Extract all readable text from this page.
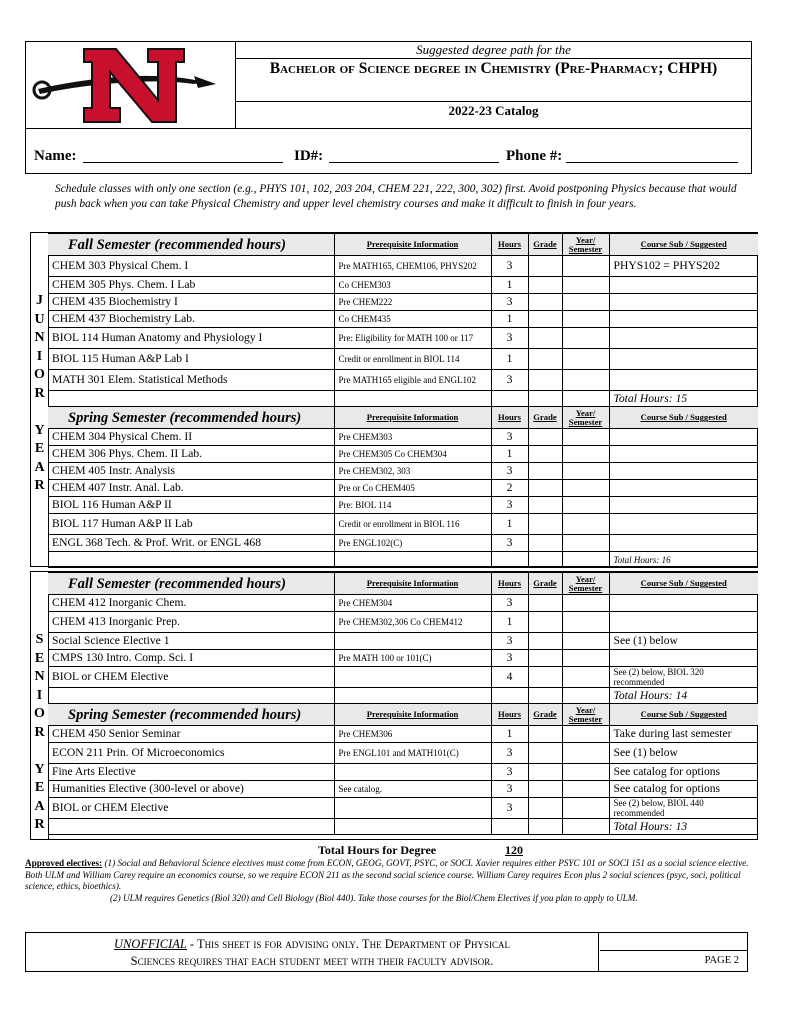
Suggested degree path for the
Bachelor of Science degree in Chemistry (Pre-Pharmacy; CHPH)
2022-23 Catalog
Name:	ID#:	Phone #:
Schedule classes with only one section (e.g., PHYS 101, 102, 203 204, CHEM 221, 222, 300, 302) first. Avoid postponing Physics because that would push back when you can take Physical Chemistry and upper level chemistry courses and make it difficult to finish in four years.
J
U
N
I
O
R
Y
E
A
R
Fall Semester (recommended hours)	Prerequisite Information	Hours	Grade	Year/ Semester	Course Sub / Suggested
CHEM 303 Physical Chem. I	Pre MATH165, CHEM106, PHYS202	3			PHYS102 = PHYS202
CHEM 305 Phys. Chem. I Lab	Co CHEM303	1			
CHEM 435 Biochemistry I	Pre CHEM222	3			
CHEM 437 Biochemistry Lab.	Co CHEM435	1			
BIOL 114 Human Anatomy and Physiology I	Pre: Eligibility for MATH 100 or 117	3			
BIOL 115 Human A&P Lab I	Credit or enrollment in BIOL 114	1			
MATH 301 Elem. Statistical Methods	Pre MATH165 eligible and ENGL102	3			
					Total Hours: 15
Spring Semester (recommended hours)	Prerequisite Information	Hours	Grade	Year/ Semester	Course Sub / Suggested
CHEM 304 Physical Chem. II	Pre CHEM303	3			
CHEM 306 Phys. Chem. II Lab.	Pre CHEM305 Co CHEM304	1			
CHEM 405 Instr. Analysis	Pre CHEM302, 303	3			
CHEM 407 Instr. Anal. Lab.	Pre or Co CHEM405	2			
BIOL 116 Human A&P II	Pre: BIOL 114	3			
BIOL 117 Human A&P II Lab	Credit or enrollment in BIOL 116	1			
ENGL 368 Tech. & Prof. Writ. or ENGL 468	Pre ENGL102(C)	3			
					Total Hours: 16
S
E
N
I
O
R
Y
E
A
R
Fall Semester (recommended hours)	Prerequisite Information	Hours	Grade	Year/ Semester	Course Sub / Suggested
CHEM 412 Inorganic Chem.	Pre CHEM304	3			
CHEM 413 Inorganic Prep.	Pre CHEM302,306 Co CHEM412	1			
Social Science Elective 1		3			See (1) below
CMPS 130 Intro. Comp. Sci. I	Pre MATH 100 or 101(C)	3			
BIOL or CHEM Elective		4			See (2) below, BIOL 320 recommended
					Total Hours: 14
Spring Semester (recommended hours)	Prerequisite Information	Hours	Grade	Year/ Semester	Course Sub / Suggested
CHEM 450 Senior Seminar	Pre CHEM306	1			Take during last semester
ECON 211 Prin. Of Microeconomics	Pre ENGL101 and MATH101(C)	3			See (1) below
Fine Arts Elective		3			See catalog for options
Humanities Elective (300-level or above)	See catalog.	3			See catalog for options
BIOL or CHEM Elective		3			See (2) below, BIOL 440 recommended
					Total Hours: 13
Total Hours for Degree	120
Approved electives: (1) Social and Behavioral Science electives must come from ECON, GEOG, GOVT, PSYC, or SOCI. Xavier requires either PSYC 101 or SOCI 151 as a social science elective. Both ULM and William Carey require an economics course, so we require ECON 211 as the second social science course. William Carey requires Econ plus 2 social sciences (psyc, soci, political science, ethics, bioethics).
(2) ULM requires Genetics (Biol 320) and Cell Biology (Biol 440). Take those courses for the Biol/Chem Electives if you plan to apply to ULM.
UNOFFICIAL - This sheet is for advising only. The Department of Physical
Sciences requires that each student meet with their faculty advisor.	PAGE 2
